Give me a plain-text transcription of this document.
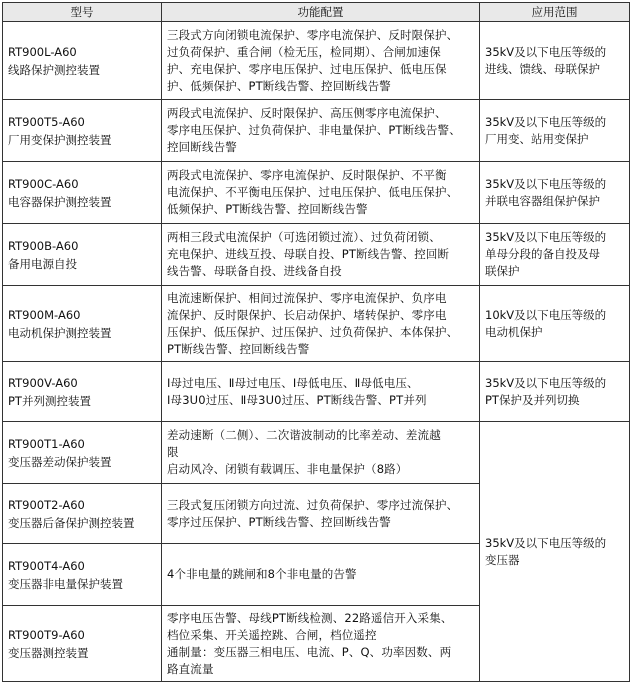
型号	功能配置	应用范围

RT900L-A60
线路保护测控装置	三段式方向闭锁电流保护、零序电流保护、反时限保护、
过负荷保护、重合闸（检无压，检同期）、合闸加速保
护、充电保护、零序电压保护、过电压保护、低电压保
护、低频保护、PT断线告警、控回断线告警	35kV及以下电压等级的
进线、馈线、母联保护

RT900T5-A60
厂用变保护测控装置	两段式电流保护、反时限保护、高压侧零序电流保护、
零序电压保护、过负荷保护、非电量保护、PT断线告警、
控回断线告警	35kV及以下电压等级的
厂用变、站用变保护

RT900C-A60
电容器保护测控装置	两段式电流保护、零序电流保护、反时限保护、不平衡
电流保护、不平衡电压保护、过电压保护、低电压保护、
低频保护、PT断线告警、控回断线告警	35kV及以下电压等级的
并联电容器组保护保护

RT900B-A60
备用电源自投	两相三段式电流保护（可选闭锁过流）、过负荷闭锁、
充电保护、进线互投、母联自投、PT断线告警、控回断
线告警、母联备自投、进线备自投	35kV及以下电压等级的
单母分段的备自投及母
联保护

RT900M-A60
电动机保护测控装置	电流速断保护、相间过流保护、零序电流保护、负序电
流保护、反时限保护、长启动保护、堵转保护、零序电
压保护、低压保护、过压保护、过负荷保护、本体保护、
PT断线告警、控回断线告警	10kV及以下电压等级的
电动机保护

RT900V-A60
PT并列测控装置	Ⅰ母过电压、Ⅱ母过电压、Ⅰ母低电压、Ⅱ母低电压、
Ⅰ母3U0过压、Ⅱ母3U0过压、PT断线告警、PT并列	35kV及以下电压等级的
PT保护及并列切换

RT900T1-A60
变压器差动保护装置	差动速断（二侧）、二次谐波制动的比率差动、差流越
限
启动风冷、闭锁有载调压、非电量保护（8路）	35kV及以下电压等级的
变压器

RT900T2-A60
变压器后备保护测控装置	三段式复压闭锁方向过流、过负荷保护、零序过流保护、
零序过压保护、PT断线告警、控回断线告警	

RT900T4-A60
变压器非电量保护装置	4个非电量的跳闸和8个非电量的告警	

RT900T9-A60
变压器测控装置	零序电压告警、母线PT断线检测、22路遥信开入采集、
档位采集、开关遥控跳、合闸，档位遥控
通制量：变压器三相电压、电流、P、Q、功率因数、两
路直流量	
